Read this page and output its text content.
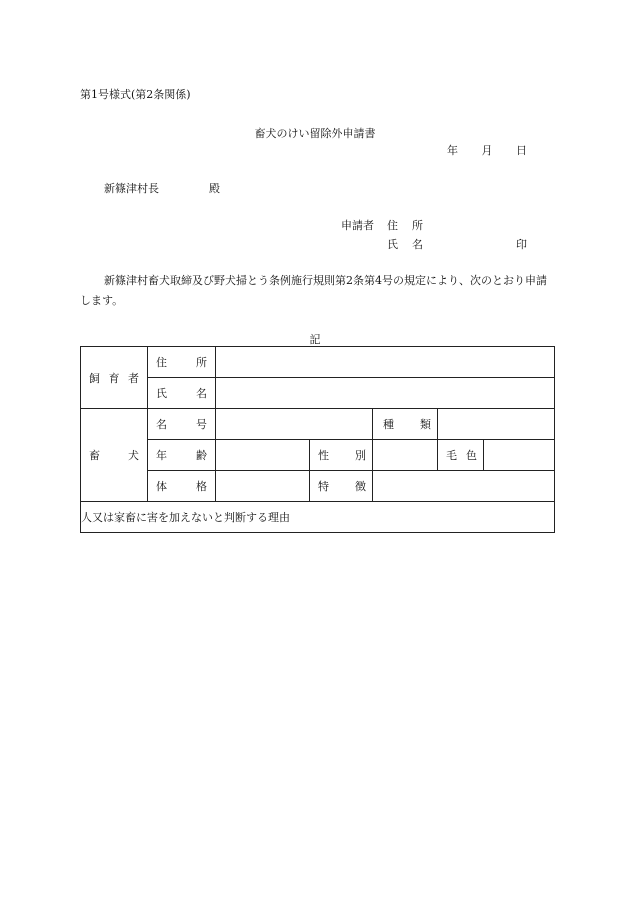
第1号様式(第2条関係)
畜犬のけい留除外申請書
年 月 日
新篠津村長	殿
申請者 住 所
氏 名	印
新篠津村畜犬取締及び野犬掃とう条例施行規則第2条第4号の規定により、次のとおり申請します。
記
飼 育 者	住 所					

	氏 名					

畜 犬	名 号			種 類		

	年 齢		性 別		毛 色	

	体 格		特 徴			

人又は家畜に害を加えないと判断する理由						
